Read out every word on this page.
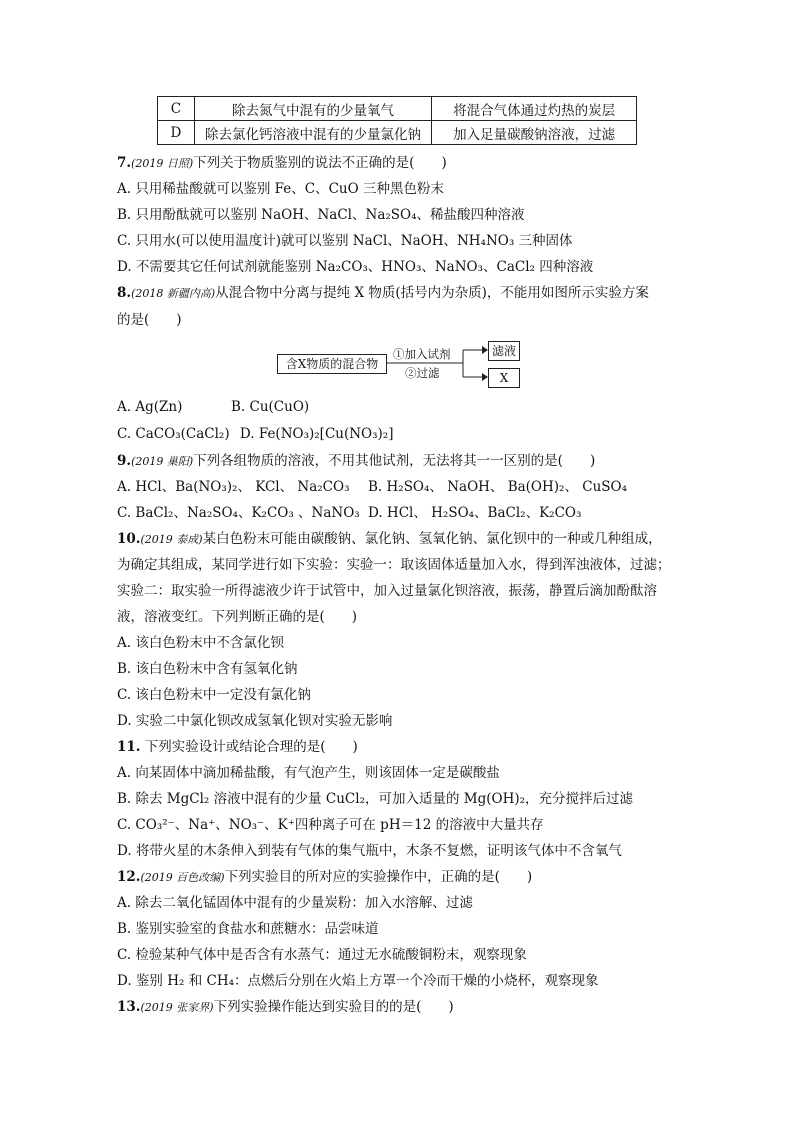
C	除去氮气中混有的少量氧气	将混合气体通过灼热的炭层
D	除去氯化钙溶液中混有的少量氯化钠	加入足量碳酸钠溶液，过滤
7.(2019 日照)下列关于物质鉴别的说法不正确的是(　　)
A. 只用稀盐酸就可以鉴别 Fe、C、CuO 三种黑色粉末
B. 只用酚酞就可以鉴别 NaOH、NaCl、Na₂SO₄、稀盐酸四种溶液
C. 只用水(可以使用温度计)就可以鉴别 NaCl、NaOH、NH₄NO₃ 三种固体
D. 不需要其它任何试剂就能鉴别 Na₂CO₃、HNO₃、NaNO₃、CaCl₂ 四种溶液
8.(2018 新疆内高)从混合物中分离与提纯 X 物质(括号内为杂质)，不能用如图所示实验方案
的是(　　)
含X物质的混合物
①加入试剂
②过滤
滤液
X
A. Ag(Zn)	B. Cu(CuO)
C. CaCO₃(CaCl₂) D. Fe(NO₃)₂[Cu(NO₃)₂]
9.(2019 巢阳)下列各组物质的溶液，不用其他试剂，无法将其一一区别的是(　　)
A. HCl、Ba(NO₃)₂、 KCl、 Na₂CO₃ B. H₂SO₄、 NaOH、 Ba(OH)₂、 CuSO₄
C. BaCl₂、Na₂SO₄、K₂CO₃ 、NaNO₃ D. HCl、 H₂SO₄、BaCl₂、K₂CO₃
10.(2019 泰成)某白色粉末可能由碳酸钠、氯化钠、氢氧化钠、氯化钡中的一种或几种组成，
为确定其组成，某同学进行如下实验：实验一：取该固体适量加入水，得到浑浊液体，过滤；
实验二：取实验一所得滤液少许于试管中，加入过量氯化钡溶液，振荡，静置后滴加酚酞溶
液，溶液变红。下列判断正确的是(　　)
A. 该白色粉末中不含氯化钡
B. 该白色粉末中含有氢氧化钠
C. 该白色粉末中一定没有氯化钠
D. 实验二中氯化钡改成氢氧化钡对实验无影响
11. 下列实验设计或结论合理的是(　　)
A. 向某固体中滴加稀盐酸，有气泡产生，则该固体一定是碳酸盐
B. 除去 MgCl₂ 溶液中混有的少量 CuCl₂，可加入适量的 Mg(OH)₂，充分搅拌后过滤
C. CO₃²⁻、Na⁺、NO₃⁻、K⁺四种离子可在 pH＝12 的溶液中大量共存
D. 将带火星的木条伸入到装有气体的集气瓶中，木条不复燃，证明该气体中不含氧气
12.(2019 百色改编)下列实验目的所对应的实验操作中，正确的是(　　)
A. 除去二氧化锰固体中混有的少量炭粉：加入水溶解、过滤
B. 鉴别实验室的食盐水和蔗糖水：品尝味道
C. 检验某种气体中是否含有水蒸气：通过无水硫酸铜粉末，观察现象
D. 鉴别 H₂ 和 CH₄：点燃后分别在火焰上方罩一个冷而干燥的小烧杯，观察现象
13.(2019 张家界)下列实验操作能达到实验目的的是(　　)
